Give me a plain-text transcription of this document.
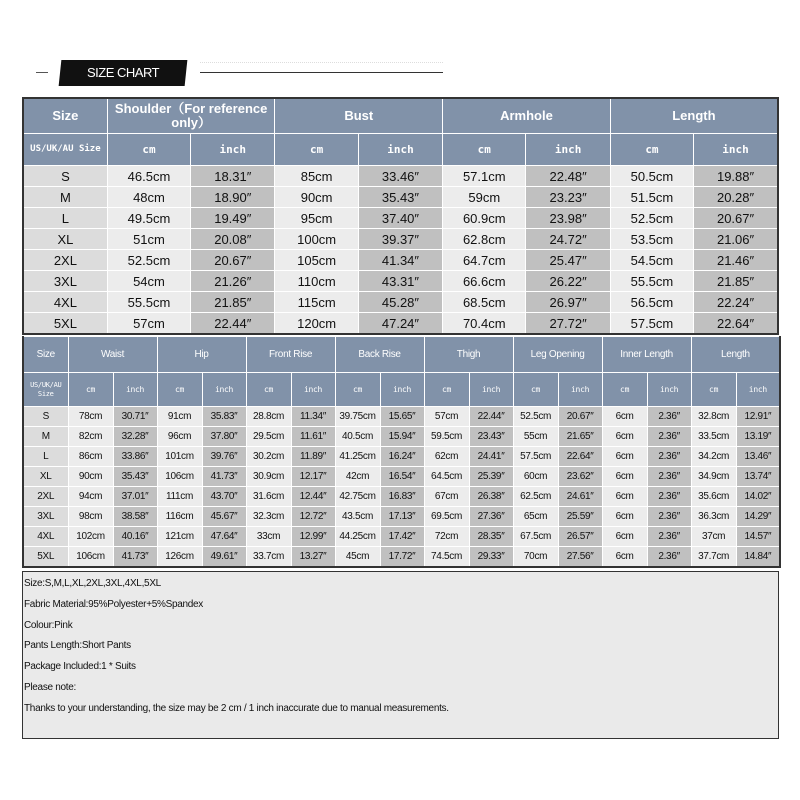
SIZE CHART
Size	Shoulder（For reference only）		Bust		Armhole		Length	
US/UK/AU Size	cm	inch	cm	inch	cm	inch	cm	inch
S	46.5cm	18.31″	85cm	33.46″	57.1cm	22.48″	50.5cm	19.88″
M	48cm	18.90″	90cm	35.43″	59cm	23.23″	51.5cm	20.28″
L	49.5cm	19.49″	95cm	37.40″	60.9cm	23.98″	52.5cm	20.67″
XL	51cm	20.08″	100cm	39.37″	62.8cm	24.72″	53.5cm	21.06″
2XL	52.5cm	20.67″	105cm	41.34″	64.7cm	25.47″	54.5cm	21.46″
3XL	54cm	21.26″	110cm	43.31″	66.6cm	26.22″	55.5cm	21.85″
4XL	55.5cm	21.85″	115cm	45.28″	68.5cm	26.97″	56.5cm	22.24″
5XL	57cm	22.44″	120cm	47.24″	70.4cm	27.72″	57.5cm	22.64″
Size	Waist		Hip		Front Rise		Back Rise		Thigh		Leg Opening		Inner Length		Length	
US/UK/AU Size	cm	inch	cm	inch	cm	inch	cm	inch	cm	inch	cm	inch	cm	inch	cm	inch
S	78cm	30.71″	91cm	35.83″	28.8cm	11.34″	39.75cm	15.65″	57cm	22.44″	52.5cm	20.67″	6cm	2.36″	32.8cm	12.91″
M	82cm	32.28″	96cm	37.80″	29.5cm	11.61″	40.5cm	15.94″	59.5cm	23.43″	55cm	21.65″	6cm	2.36″	33.5cm	13.19″
L	86cm	33.86″	101cm	39.76″	30.2cm	11.89″	41.25cm	16.24″	62cm	24.41″	57.5cm	22.64″	6cm	2.36″	34.2cm	13.46″
XL	90cm	35.43″	106cm	41.73″	30.9cm	12.17″	42cm	16.54″	64.5cm	25.39″	60cm	23.62″	6cm	2.36″	34.9cm	13.74″
2XL	94cm	37.01″	111cm	43.70″	31.6cm	12.44″	42.75cm	16.83″	67cm	26.38″	62.5cm	24.61″	6cm	2.36″	35.6cm	14.02″
3XL	98cm	38.58″	116cm	45.67″	32.3cm	12.72″	43.5cm	17.13″	69.5cm	27.36″	65cm	25.59″	6cm	2.36″	36.3cm	14.29″
4XL	102cm	40.16″	121cm	47.64″	33cm	12.99″	44.25cm	17.42″	72cm	28.35″	67.5cm	26.57″	6cm	2.36″	37cm	14.57″
5XL	106cm	41.73″	126cm	49.61″	33.7cm	13.27″	45cm	17.72″	74.5cm	29.33″	70cm	27.56″	6cm	2.36″	37.7cm	14.84″
Size:S,M,L,XL,2XL,3XL,4XL,5XL
Fabric Material:95%Polyester+5%Spandex
Colour:Pink
Pants Length:Short Pants
Package Included:1 * Suits
Please note:
Thanks to your understanding, the size may be 2 cm / 1 inch inaccurate due to manual measurements.
